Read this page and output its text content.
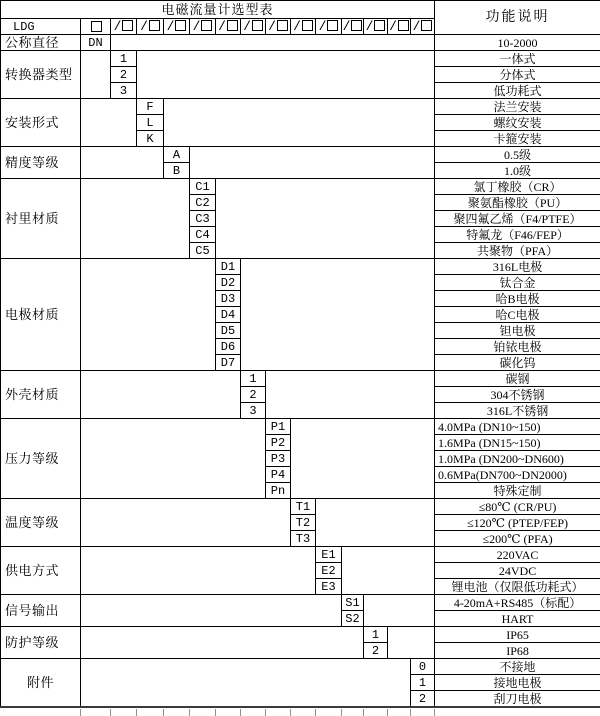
电磁流量计选型表															功能说明
LDG		/	/	/	/	/	/	/	/	/	/	/	/	/	
公称直径	DN														10-2000
转换器类型		1													一体式
		2													分体式
		3													低功耗式
安装形式			F												法兰安装
			L												螺纹安装
			K												卡箍安装
精度等级				A											0.5级
				B											1.0级
衬里材质					C1										氯丁橡胶（CR）
					C2										聚氨酯橡胶（PU）
					C3										聚四氟乙烯（F4/PTFE）
					C4										特氟龙（F46/FEP）
					C5										共聚物（PFA）
电极材质						D1									316L电极
						D2									钛合金
						D3									哈B电极
						D4									哈C电极
						D5									钽电极
						D6									铂铱电极
						D7									碳化钨
外壳材质							1								碳钢
							2								304不锈钢
							3								316L不锈钢
压力等级								P1							4.0MPa (DN10~150)
								P2							1.6MPa (DN15~150)
								P3							1.0MPa (DN200~DN600)
								P4							0.6MPa(DN700~DN2000)
								Pn							特殊定制
温度等级									T1						≤80℃ (CR/PU)
									T2						≤120℃ (PTEP/FEP)
									T3						≤200℃ (PFA)
供电方式										E1					220VAC
										E2					24VDC
										E3					锂电池（仅限低功耗式）
信号输出											S1				4-20mA+RS485（标配）
											S2				HART
防护等级												1			IP65
												2			IP68
附件														0	不接地
														1	接地电极
														2	刮刀电极
